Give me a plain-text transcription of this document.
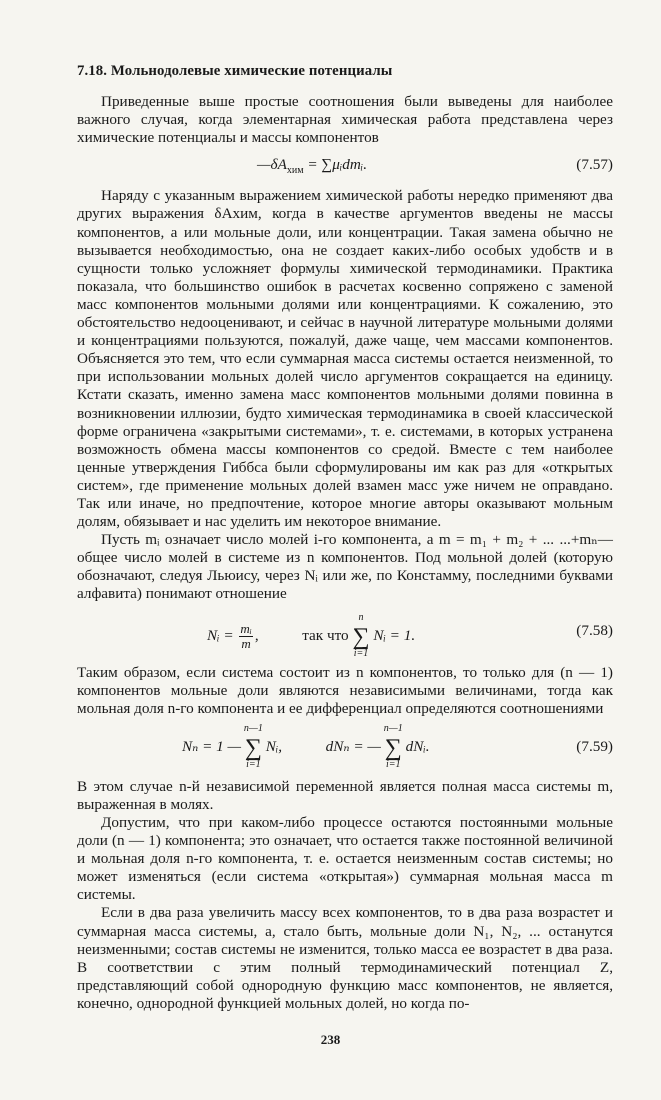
7.18. Мольнодолевые химические потенциалы

Приведенные выше простые соотношения были выведены для наиболее важного случая, когда элементарная химическая работа представлена через химические потенциалы и массы компонентов

$—\delta A_{хим}$ = ∑μᵢdmᵢ.	(7.57)

Наряду с указанным выражением химической работы нередко применяют два других выражения δAхим, когда в качестве аргументов введены не массы компонентов, а или мольные доли, или концентрации. Такая замена обычно не вызывается необходимостью, она не создает каких-либо особых удобств и в сущности только усложняет формулы химической термодинамики. Практика показала, что большинство ошибок в расчетах косвенно сопряжено с заменой масс компонентов мольными долями или концентрациями. К сожалению, это обстоятельство недооценивают, и сейчас в научной литературе мольными долями и концентрациями пользуются, пожалуй, даже чаще, чем массами компонентов. Объясняется это тем, что если суммарная масса системы остается неизменной, то при использовании мольных долей число аргументов сокращается на единицу. Кстати сказать, именно замена масс компонентов мольными долями повинна в возникновении иллюзии, будто химическая термодинамика в своей классической форме ограничена «закрытыми системами», т. е. системами, в которых устранена возможность обмена массы компонентов со средой. Вместе с тем наиболее ценные утверждения Гиббса были сформулированы им как раз для «открытых систем», где применение мольных долей взамен масс уже ничем не оправдано. Так или иначе, но предпочтение, которое многие авторы оказывают мольным долям, обязывает и нас уделить им некоторое внимание.

Пусть mᵢ означает число молей i-го компонента, а m = m₁ + m₂ + ... ...+mₙ— общее число молей в системе из n компонентов. Под мольной долей (которую обозначают, следуя Льюису, через Nᵢ или же, по Констамму, последними буквами алфавита) понимают отношение

Nᵢ = $\frac{\text{mᵢ}}{m}$ ,	так что ∑
n
i=1
Nᵢ = 1.	(7.58)

Таким образом, если система состоит из n компонентов, то только для (n — 1) компонентов мольные доли являются независимыми величинами, тогда как мольная доля n-го компонента и ее дифференциал определяются соотношениями

Nₙ = 1 — ∑
n—1
i=1
Nᵢ,	dNₙ = — ∑
n—1
i=1
dNᵢ.	(7.59)

В этом случае n-й независимой переменной является полная масса системы m, выраженная в молях.

Допустим, что при каком-либо процессе остаются постоянными мольные доли (n — 1) компонента; это означает, что остается также постоянной величиной и мольная доля n-го компонента, т. е. остается неизменным состав системы; но может изменяться (если система «открытая») суммарная мольная масса m системы.

Если в два раза увеличить массу всех компонентов, то в два раза возрастет и суммарная масса системы, а, стало быть, мольные доли N₁, N₂, ... останутся неизменными; состав системы не изменится, только масса ее возрастет в два раза. В соответствии с этим полный термодинамический потенциал Z, представляющий собой однородную функцию масс компонентов, не является, конечно, однородной функцией мольных долей, но когда по-

238
